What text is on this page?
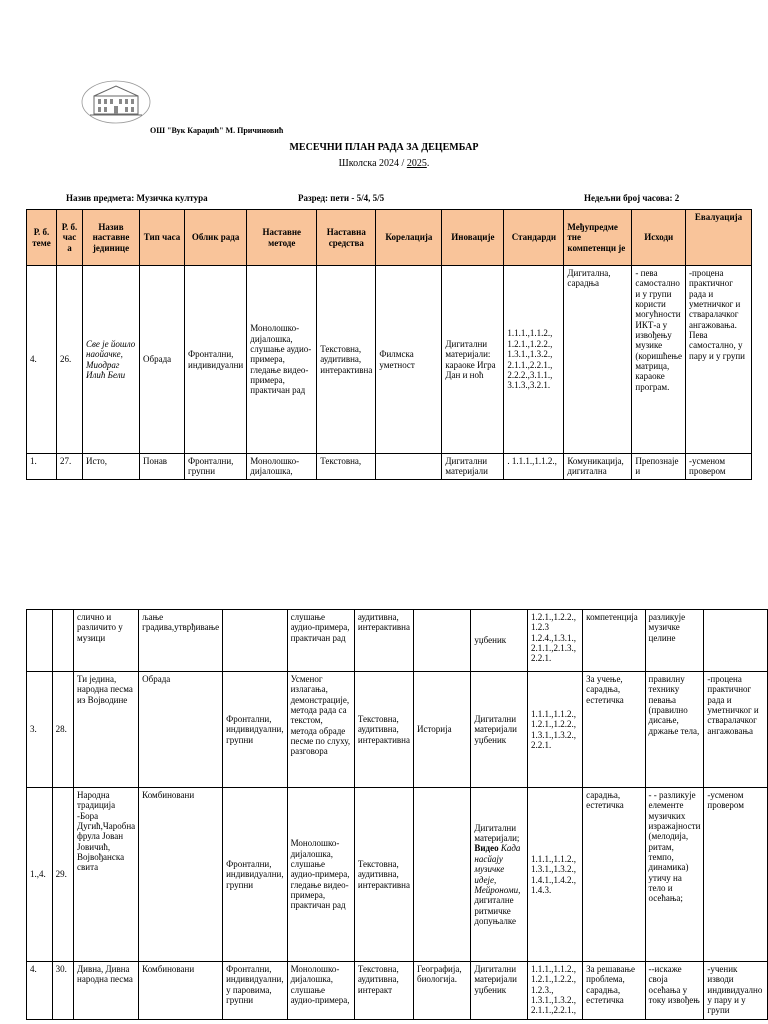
ОШ "Вук Караџић" М. Причиновић
МЕСЕЧНИ ПЛАН РАДА ЗА ДЕЦЕМБАР
Школска 2024 / 2025.
Назив предмета: Музичка култура	Разред: пети - 5/4, 5/5	Недељни број часова: 2
Р. б. теме	Р. б. час а	Назив наставне јединице	Тип часа	Облик рада	Наставне методе	Наставна средства	Корелација	Иновације	Стандарди	Међупредме тне компетенци је	Исходи	Евалуација
4.	26.	Све је йошло наойачке, Миодраг Илић Бели	Обрада	Фронтални, индивидуални	Монолошко-дијалошка, слушање аудио-примера, гледање видео-примера, практичан рад	Текстовна, аудитивна, интерактивна	Филмска уметност	Дигитални материјали: караоке Игра Дан и ноћ	1.1.1.,1.1.2., 1.2.1.,1.2.2., 1.3.1.,1.3.2., 2.1.1.,2.2.1., 2.2.2.,3.1.1., 3.1.3.,3.2.1.	Дигитална, сарадња	- пева самостално и у групи користи могућности ИКТ-а у извођењу музике (коришћење матрица, караоке програм.	-процена практичног рада и уметничког и стваралачког ангажовања. Пева самостално, у пару и у групи
1.	27.	Исто,	Понав	Фронтални, групни	Монолошко-дијалошка,	Текстовна,		Дигитални материјали	. 1.1.1.,1.1.2.,	Комуникација, дигитална	Препознаје и	-усменом провером
		слично и различито у музици	љање градива,утврђивање		слушање аудио-примера, практичан рад	аудитивна, интерактивна		уџбеник	1.2.1.,1.2.2., 1.2.3 1.2.4.,1.3.1., 2.1.1.,2.1.3., 2.2.1.	компетенција	разликује музичке целине	
3.	28.	Ти једина, народна песма из Војводине	Обрада	Фронтални, индивидуални, групни	Усменог излагања, демонстрације, метода рада са текстом, метода обраде песме по слуху, разговора	Текстовна, аудитивна, интерактивна	Историја	Дигитални материјали уџбеник	1.1.1.,1.1.2., 1.2.1.,1.2.2., 1.3.1.,1.3.2., 2.2.1.	За учење, сарадња, естетичка	правилну технику певања (правилно дисање, држање тела,	-процена практичног рада и уметничког и стваралачког ангажовања
1.,4.	29.	Народна традиција -Бора Дугић,Чаробна фрула Јован Јовичић, Војвођанска свита	Комбиновани	Фронтални, индивидуални, групни	Монолошко-дијалошка, слушање аудио-примера, гледање видео-примера, практичан рад	Текстовна, аудитивна, интерактивна		Дигитални материјали; Видео Када насйају музичке идеје, Мейрономи, дигиталне ритмичке допуњалке	1.1.1.,1.1.2., 1.3.1.,1.3.2., 1.4.1.,1.4.2., 1.4.3.	сарадња, естетичка	- - разликује елементе музичких изражајности (мелодија, ритам, темпо, динамика) утичу на тело и осећања;	-усменом провером
4.	30.	Дивна, Дивна народна песма	Комбиновани	Фронтални, индивидуални, у паровима, групни	Монолошко-дијалошка, слушање аудио-примера,	Текстовна, аудитивна, интеракт	Географија, биологија.	Дигитални материјали уџбеник	1.1.1.,1.1.2., 1.2.1.,1.2.2., 1.2.3., 1.3.1.,1.3.2., 2.1.1.,2.2.1.,	За решавање проблема, сарадња, естетичка	--искаже своја осећања у току извођењ	-ученик изводи индивидуално у пару и у групи
